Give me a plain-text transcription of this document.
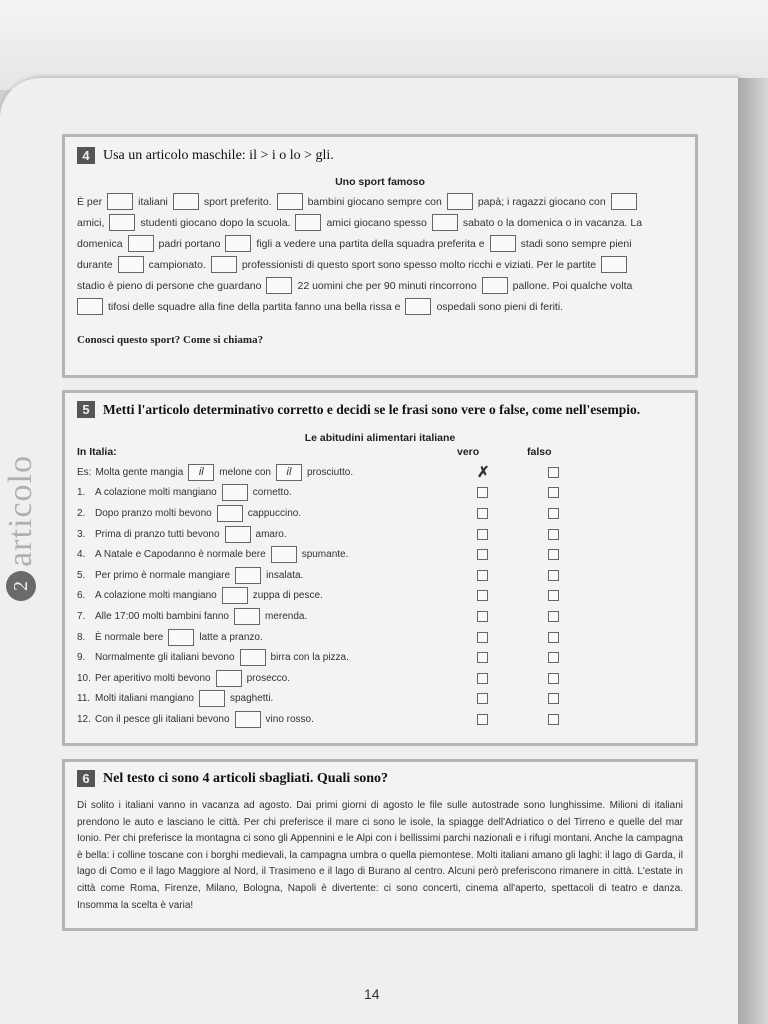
articolo
2
4 Usa un articolo maschile: il > i o lo > gli.
Uno sport famoso
È per	italiani	sport preferito.	bambini giocano sempre con	papà; i ragazzi giocano con
amici,	studenti giocano dopo la scuola.	amici giocano spesso	sabato o la domenica o in vacanza. La
domenica	padri portano	figli a vedere una partita della squadra preferita e	stadi sono sempre pieni
durante	campionato.	professionisti di questo sport sono spesso molto ricchi e viziati. Per le partite
stadio è pieno di persone che guardano	22 uomini che per 90 minuti rincorrono	pallone. Poi qualche volta
tifosi delle squadre alla fine della partita fanno una bella rissa e	ospedali sono pieni di feriti.
Conosci questo sport? Come si chiama?
5 Metti l'articolo determinativo corretto e decidi se le frasi sono vere o false, come nell'esempio.
Le abitudini alimentari italiane
In Italia:	vero	falso
Es: Molta gente mangia	il	melone con	il	prosciutto.	✗
1. A colazione molti mangiano	cornetto.
2. Dopo pranzo molti bevono	cappuccino.
3. Prima di pranzo tutti bevono	amaro.
4. A Natale e Capodanno è normale bere	spumante.
5. Per primo è normale mangiare	insalata.
6. A colazione molti mangiano	zuppa di pesce.
7. Alle 17:00 molti bambini fanno	merenda.
8. È normale bere	latte a pranzo.
9. Normalmente gli italiani bevono	birra con la pizza.
10. Per aperitivo molti bevono	prosecco.
11. Molti italiani mangiano	spaghetti.
12. Con il pesce gli italiani bevono	vino rosso.
6 Nel testo ci sono 4 articoli sbagliati. Quali sono?
Di solito i italiani vanno in vacanza ad agosto. Dai primi giorni di agosto le file sulle autostrade sono lunghissime. Milioni di italiani prendono le auto e lasciano le città. Per chi preferisce il mare ci sono le isole, la spiagge dell'Adriatico o del Tirreno e quelle del mar Ionio. Per chi preferisce la montagna ci sono gli Appennini e le Alpi con i bellissimi parchi nazionali e i rifugi montani. Anche la campagna è bella: i colline toscane con i borghi medievali, la campagna umbra o quella piemontese. Molti italiani amano gli laghi: il lago di Garda, il lago di Como e il lago Maggiore al Nord, il Trasimeno e il lago di Burano al centro. Alcuni però preferiscono rimanere in città. L'estate in città come Roma, Firenze, Milano, Bologna, Napoli è divertente: ci sono concerti, cinema all'aperto, spettacoli di teatro e danza. Insomma la scelta è varia!
14
